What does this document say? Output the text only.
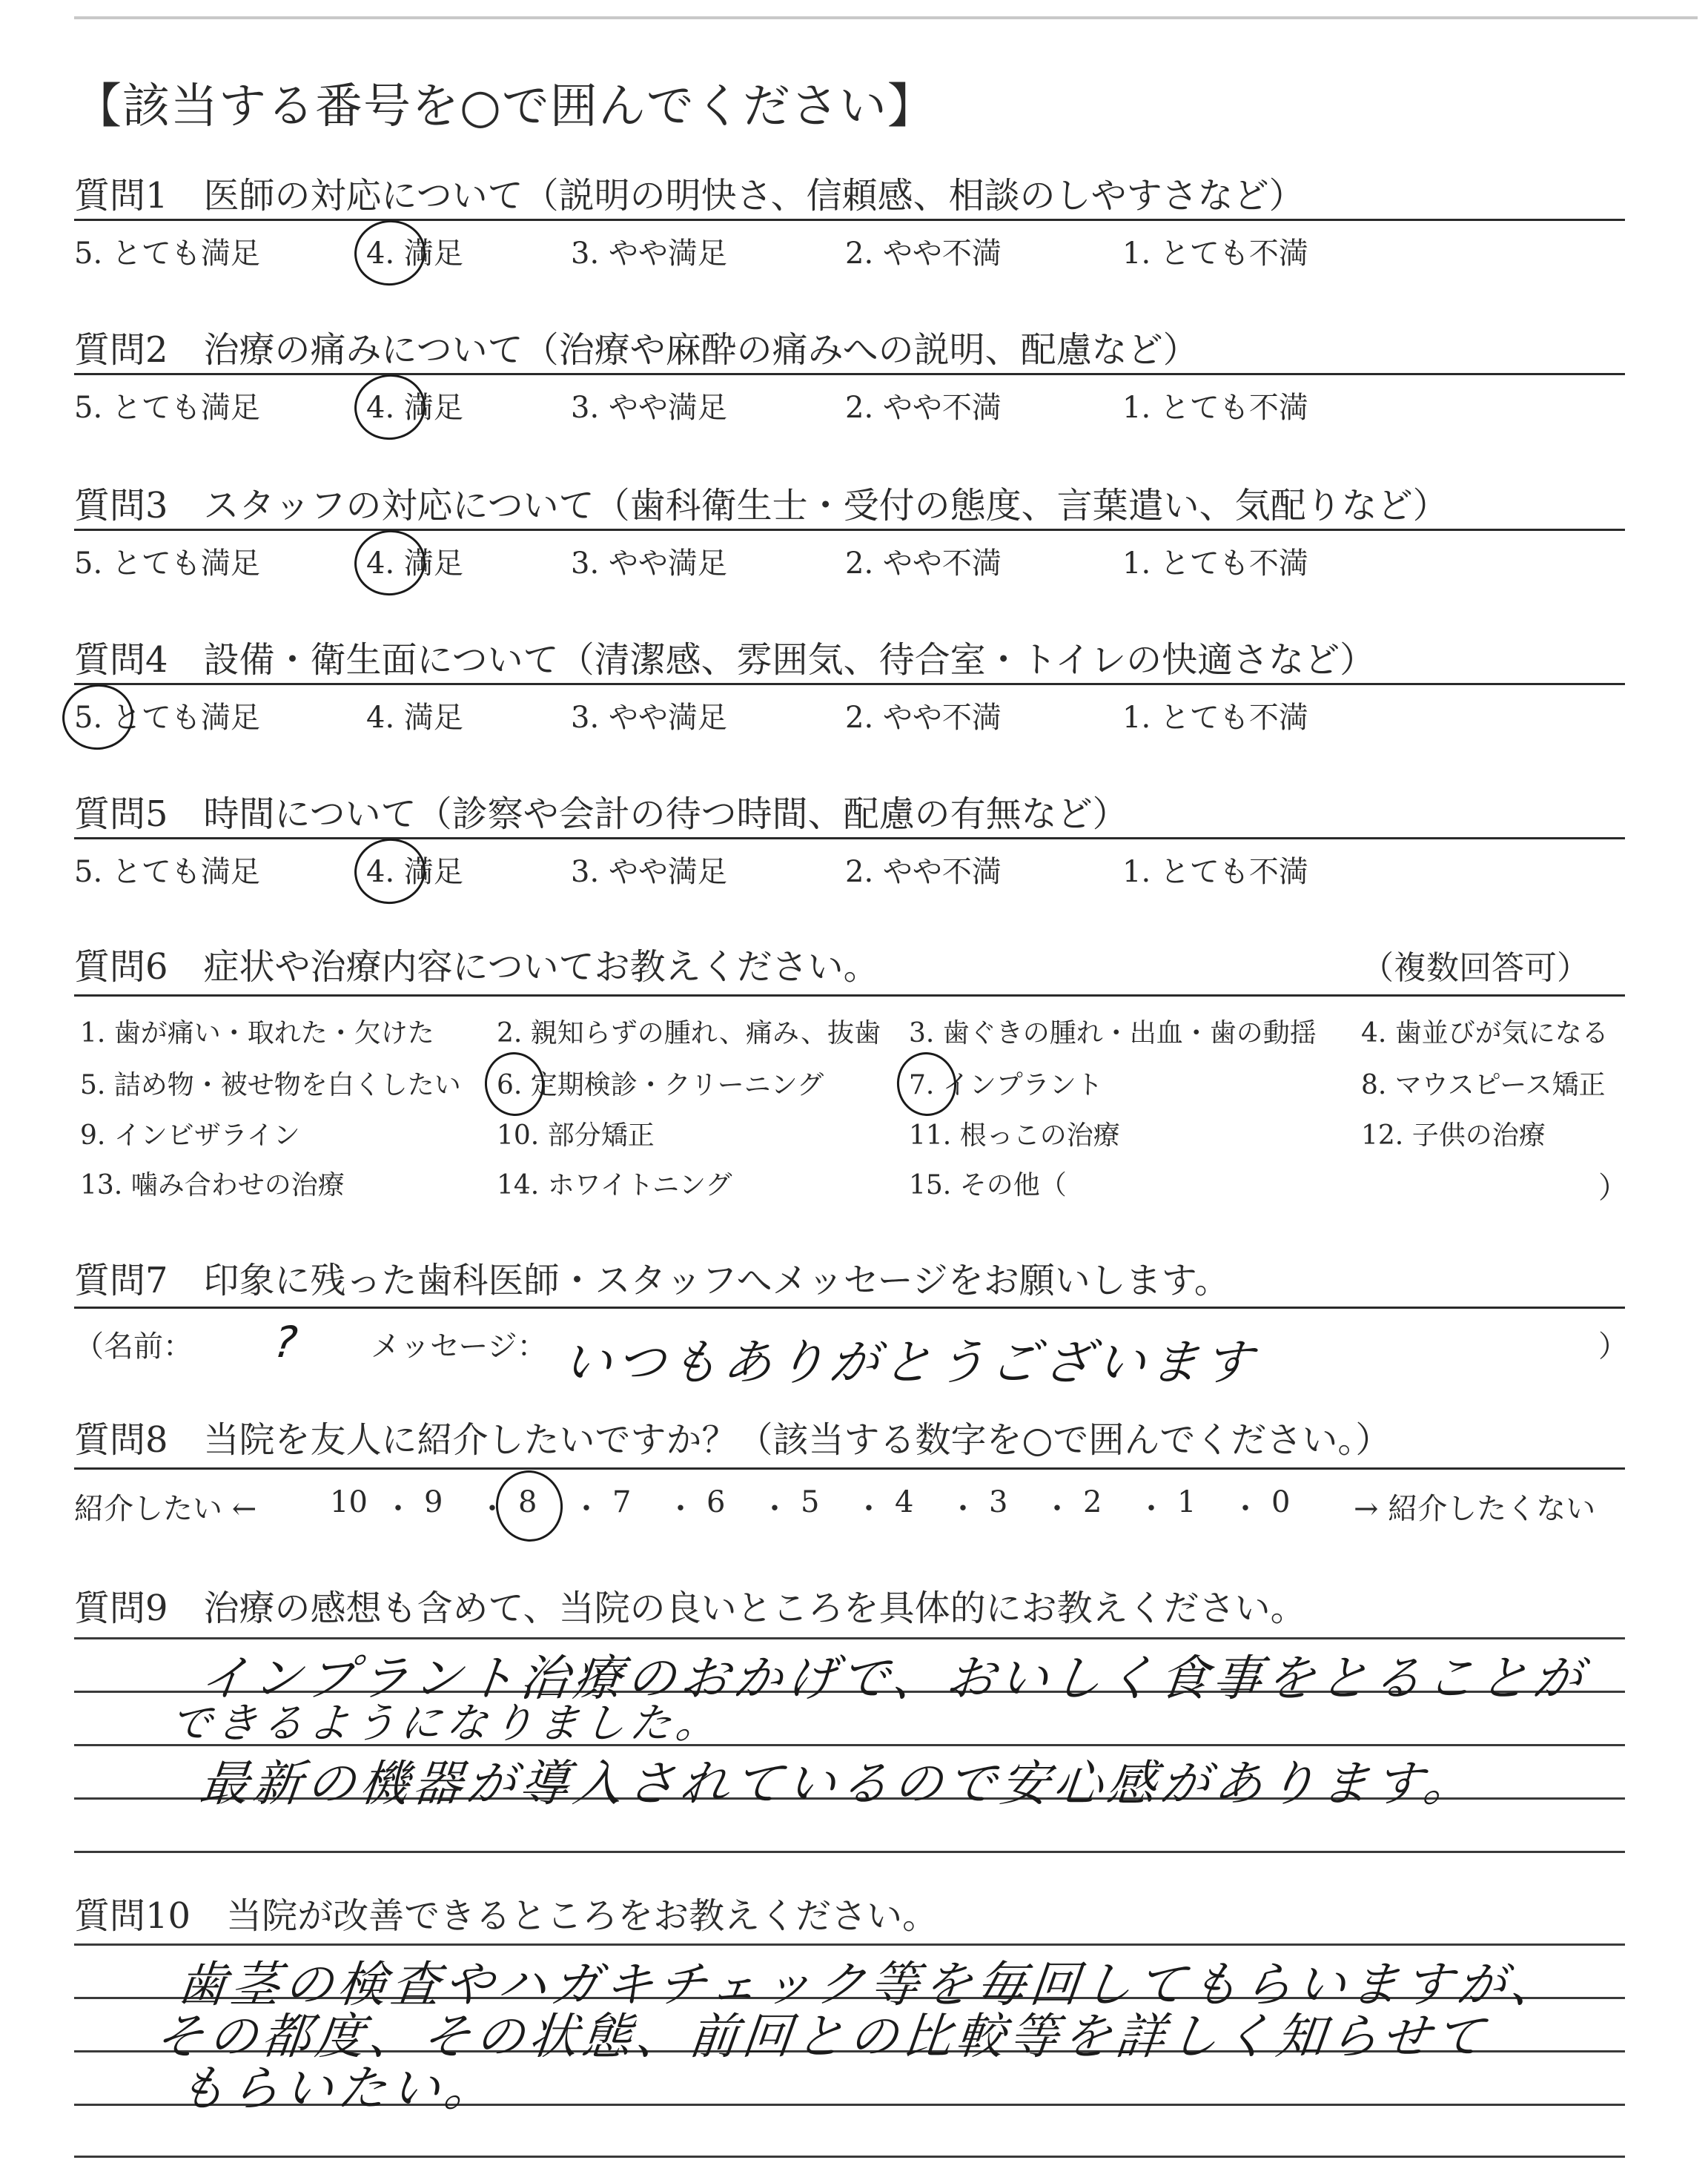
【該当する番号を○で囲んでください】
質問1　医師の対応について（説明の明快さ、信頼感、相談のしやすさなど）
5. とても満足	4. 満足	3. やや満足	2. やや不満	1. とても不満
質問2　治療の痛みについて（治療や麻酔の痛みへの説明、配慮など）
5. とても満足	4. 満足	3. やや満足	2. やや不満	1. とても不満
質問3　スタッフの対応について（歯科衛生士・受付の態度、言葉遣い、気配りなど）
5. とても満足	4. 満足	3. やや満足	2. やや不満	1. とても不満
質問4　設備・衛生面について（清潔感、雰囲気、待合室・トイレの快適さなど）
5. とても満足	4. 満足	3. やや満足	2. やや不満	1. とても不満
質問5　時間について（診察や会計の待つ時間、配慮の有無など）
5. とても満足	4. 満足	3. やや満足	2. やや不満	1. とても不満
質問6　症状や治療内容についてお教えください。	（複数回答可）
1. 歯が痛い・取れた・欠けた 2. 親知らずの腫れ、痛み、抜歯 3. 歯ぐきの腫れ・出血・歯の動揺 4. 歯並びが気になる
5. 詰め物・被せ物を白くしたい 6. 定期検診・クリーニング	7. インプラント	8. マウスピース矯正
9. インビザライン	10. 部分矯正	11. 根っこの治療	12. 子供の治療
13. 噛み合わせの治療	14. ホワイトニング	15. その他（	）
質問7　印象に残った歯科医師・スタッフへメッセージをお願いします。
（名前： ? メッセージ： いつもありがとうございます	）
質問8　当院を友人に紹介したいですか？（該当する数字を○で囲んでください。）
紹介したい ← 10 ・ 9 ・ 8 ・ 7 ・ 6 ・ 5 ・ 4 ・ 3 ・ 2 ・ 1 ・ 0 → 紹介したくない
質問9　治療の感想も含めて、当院の良いところを具体的にお教えください。
インプラント治療のおかげで、おいしく食事をとることが
できるようになりました。
最新の機器が導入されているので安心感があります。
質問10　当院が改善できるところをお教えください。
歯茎の検査やハガキチェック等を毎回してもらいますが、
その都度、その状態、前回との比較等を詳しく知らせて
もらいたい。
